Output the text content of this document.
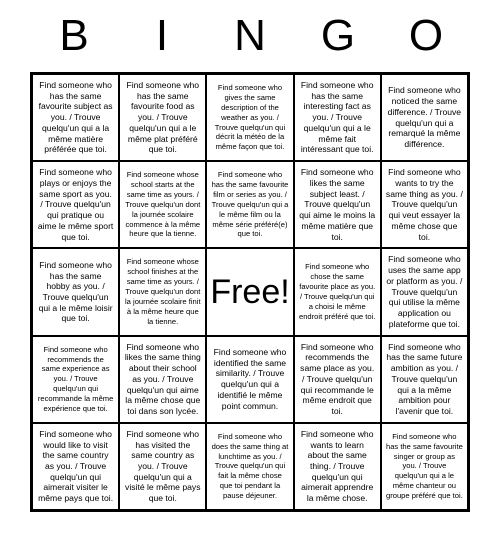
B	I	N	G	O
Find someone who has the same favourite subject as you. / Trouve quelqu'un qui a la même matière préférée que toi.
Find someone who has the same favourite food as you. / Trouve quelqu'un qui a le même plat préféré que toi.
Find someone who gives the same description of the weather as you. / Trouve quelqu'un qui décrit la météo de la même façon que toi.
Find someone who has the same interesting fact as you. / Trouve quelqu'un qui a le même fait intéressant que toi.
Find someone who noticed the same difference. / Trouve quelqu'un qui a remarqué la même différence.
Find someone who plays or enjoys the same sport as you. / Trouve quelqu'un qui pratique ou aime le même sport que toi.
Find someone whose school starts at the same time as yours. / Trouve quelqu'un dont la journée scolaire commence à la même heure que la tienne.
Find someone who has the same favourite film or series as you. / Trouve quelqu'un qui a le même film ou la même série préféré(e) que toi.
Find someone who likes the same subject least. / Trouve quelqu'un qui aime le moins la même matière que toi.
Find someone who wants to try the same thing as you. / Trouve quelqu'un qui veut essayer la même chose que toi.
Find someone who has the same hobby as you. / Trouve quelqu'un qui a le même loisir que toi.
Find someone whose school finishes at the same time as yours. / Trouve quelqu'un dont la journée scolaire finit à la même heure que la tienne.
Free!
Find someone who chose the same favourite place as you. / Trouve quelqu'un qui a choisi le même endroit préféré que toi.
Find someone who uses the same app or platform as you. / Trouve quelqu'un qui utilise la même application ou plateforme que toi.
Find someone who recommends the same experience as you. / Trouve quelqu'un qui recommande la même expérience que toi.
Find someone who likes the same thing about their school as you. / Trouve quelqu'un qui aime la même chose que toi dans son lycée.
Find someone who identified the same similarity. / Trouve quelqu'un qui a identifié le même point commun.
Find someone who recommends the same place as you. / Trouve quelqu'un qui recommande le même endroit que toi.
Find someone who has the same future ambition as you. / Trouve quelqu'un qui a la même ambition pour l'avenir que toi.
Find someone who would like to visit the same country as you. / Trouve quelqu'un qui aimerait visiter le même pays que toi.
Find someone who has visited the same country as you. / Trouve quelqu'un qui a visité le même pays que toi.
Find someone who does the same thing at lunchtime as you. / Trouve quelqu'un qui fait la même chose que toi pendant la pause déjeuner.
Find someone who wants to learn about the same thing. / Trouve quelqu'un qui aimerait apprendre la même chose.
Find someone who has the same favourite singer or group as you. / Trouve quelqu'un qui a le même chanteur ou groupe préféré que toi.
